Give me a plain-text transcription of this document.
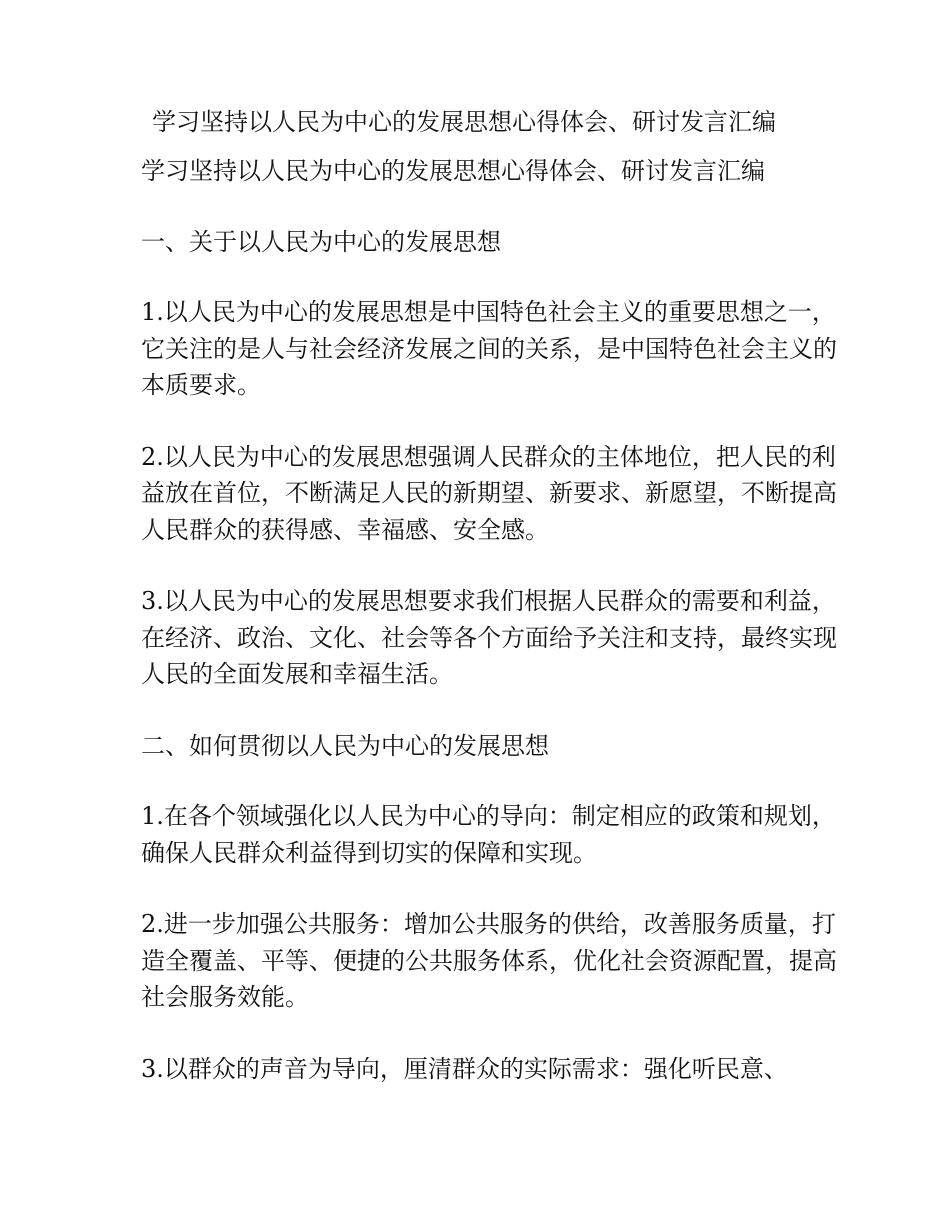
学习坚持以人民为中心的发展思想心得体会、研讨发言汇编

学习坚持以人民为中心的发展思想心得体会、研讨发言汇编

一、关于以人民为中心的发展思想

1.以人民为中心的发展思想是中国特色社会主义的重要思想之一，它关注的是人与社会经济发展之间的关系，是中国特色社会主义的本质要求。

2.以人民为中心的发展思想强调人民群众的主体地位，把人民的利益放在首位，不断满足人民的新期望、新要求、新愿望，不断提高人民群众的获得感、幸福感、安全感。

3.以人民为中心的发展思想要求我们根据人民群众的需要和利益，在经济、政治、文化、社会等各个方面给予关注和支持，最终实现人民的全面发展和幸福生活。

二、如何贯彻以人民为中心的发展思想

1.在各个领域强化以人民为中心的导向：制定相应的政策和规划，确保人民群众利益得到切实的保障和实现。

2.进一步加强公共服务：增加公共服务的供给，改善服务质量，打造全覆盖、平等、便捷的公共服务体系，优化社会资源配置，提高社会服务效能。

3.以群众的声音为导向，厘清群众的实际需求：强化听民意、
